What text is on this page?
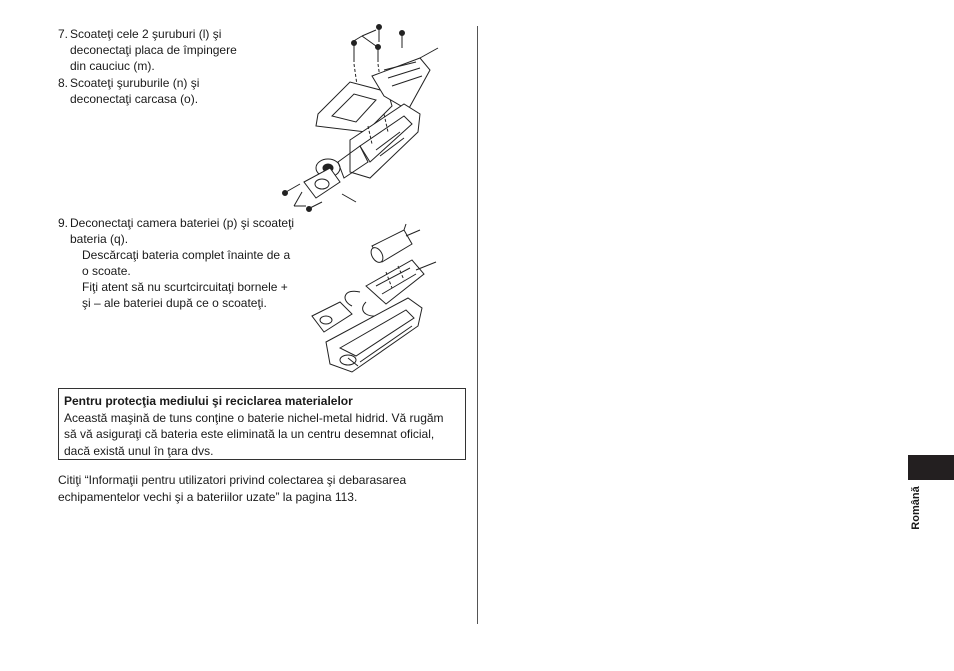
7. Scoateţi cele 2 şuruburi (l) şi
deconectaţi placa de împingere
din cauciuc (m).
8. Scoateţi şuruburile (n) şi
deconectaţi carcasa (o).
9. Deconectaţi camera bateriei (p) şi scoateţi
bateria (q).
Descărcaţi bateria complet înainte de a
o scoate.
Fiţi atent să nu scurtcircuitaţi bornele +
şi – ale bateriei după ce o scoateţi.
Pentru protecţia mediului şi reciclarea materialelor
Această maşină de tuns conţine o baterie nichel-metal hidrid. Vă rugăm
să vă asiguraţi că bateria este eliminată la un centru desemnat oficial,
dacă există unul în ţara dvs.
Citiţi “Informaţii pentru utilizatori privind colectarea şi debarasarea
echipamentelor vechi şi a bateriilor uzate” la pagina 113.	Română
